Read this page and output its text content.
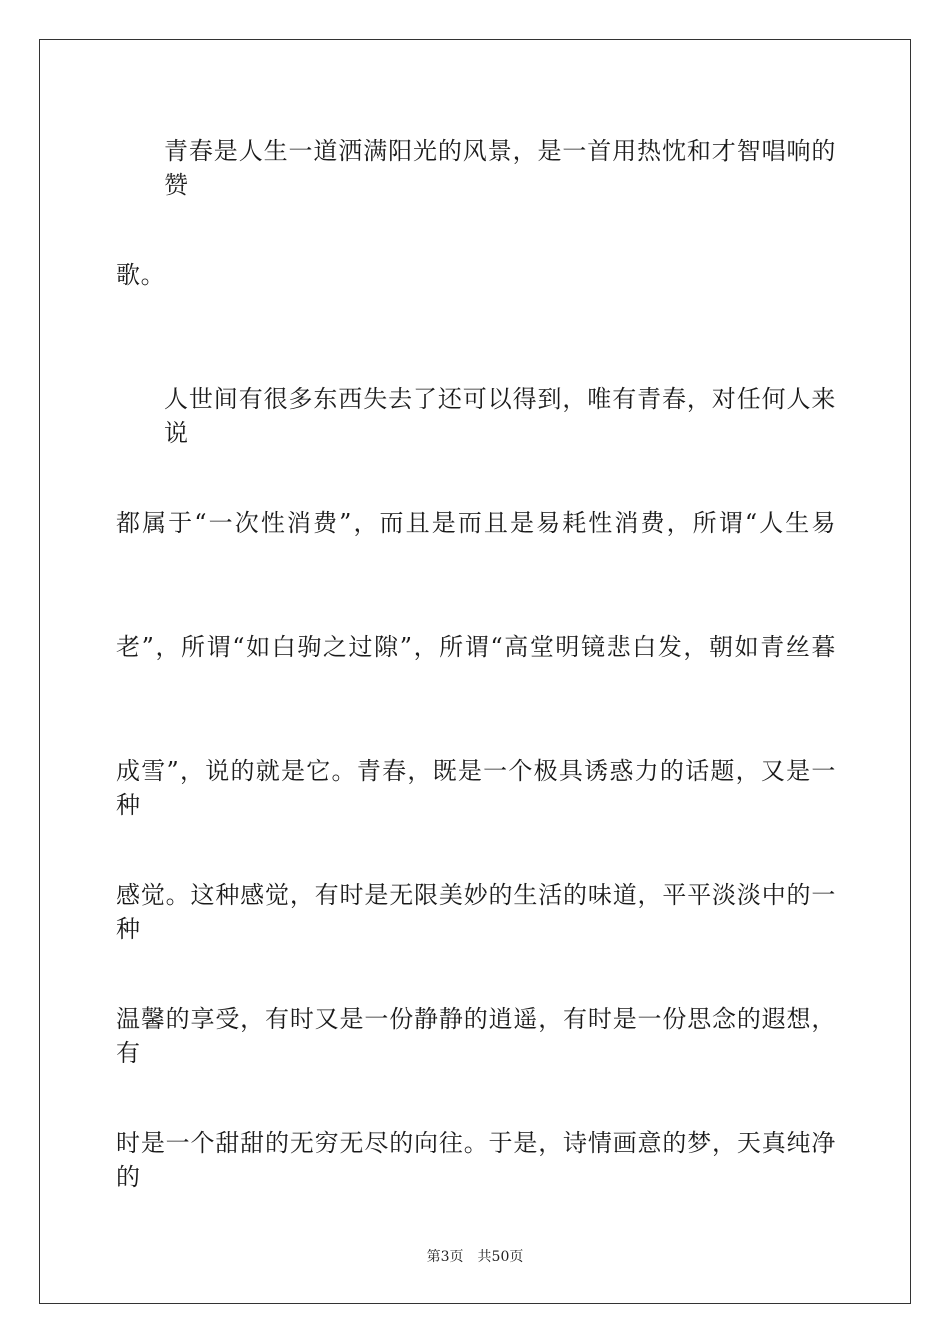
青春是人生一道洒满阳光的风景，是一首用热忱和才智唱响的赞
歌。
人世间有很多东西失去了还可以得到，唯有青春，对任何人来说
都属于“一次性消费”，而且是而且是易耗性消费，所谓“人生易
老”，所谓“如白驹之过隙”，所谓“高堂明镜悲白发，朝如青丝暮
成雪”，说的就是它。青春，既是一个极具诱惑力的话题，又是一种
感觉。这种感觉，有时是无限美妙的生活的味道，平平淡淡中的一种
温馨的享受，有时又是一份静静的逍遥，有时是一份思念的遐想，有
时是一个甜甜的无穷无尽的向往。于是，诗情画意的梦，天真纯净的
第3页 共50页
